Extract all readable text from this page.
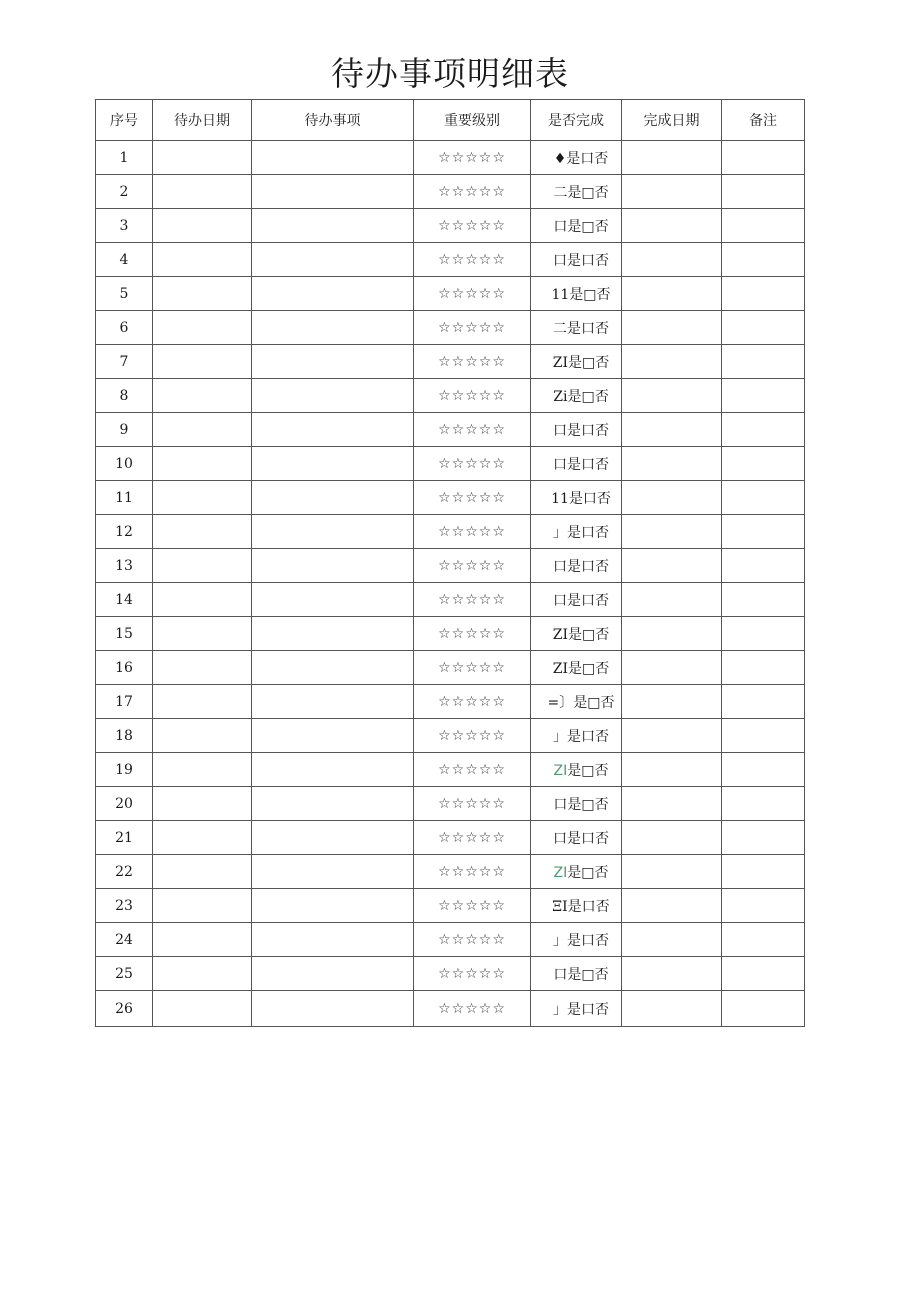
待办事项明细表
序号	待办日期	待办事项	重要级别	是否完成	完成日期	备注
1			☆☆☆☆☆	♦是口否		
2			☆☆☆☆☆	二是□否		
3			☆☆☆☆☆	口是□否		
4			☆☆☆☆☆	口是口否		
5			☆☆☆☆☆	11是□否		
6			☆☆☆☆☆	二是口否		
7			☆☆☆☆☆	ZI是□否		
8			☆☆☆☆☆	Zi是□否		
9			☆☆☆☆☆	口是口否		
10			☆☆☆☆☆	口是口否		
11			☆☆☆☆☆	11是口否		
12			☆☆☆☆☆	」是口否		
13			☆☆☆☆☆	口是口否		
14			☆☆☆☆☆	口是口否		
15			☆☆☆☆☆	ZI是□否		
16			☆☆☆☆☆	ZI是□否		
17			☆☆☆☆☆	=〕是□否		
18			☆☆☆☆☆	」是口否		
19			☆☆☆☆☆	ZI是□否		
20			☆☆☆☆☆	口是□否		
21			☆☆☆☆☆	口是口否		
22			☆☆☆☆☆	ZI是□否		
23			☆☆☆☆☆	ΞI是口否		
24			☆☆☆☆☆	」是口否		
25			☆☆☆☆☆	口是□否		
26			☆☆☆☆☆	」是口否		
